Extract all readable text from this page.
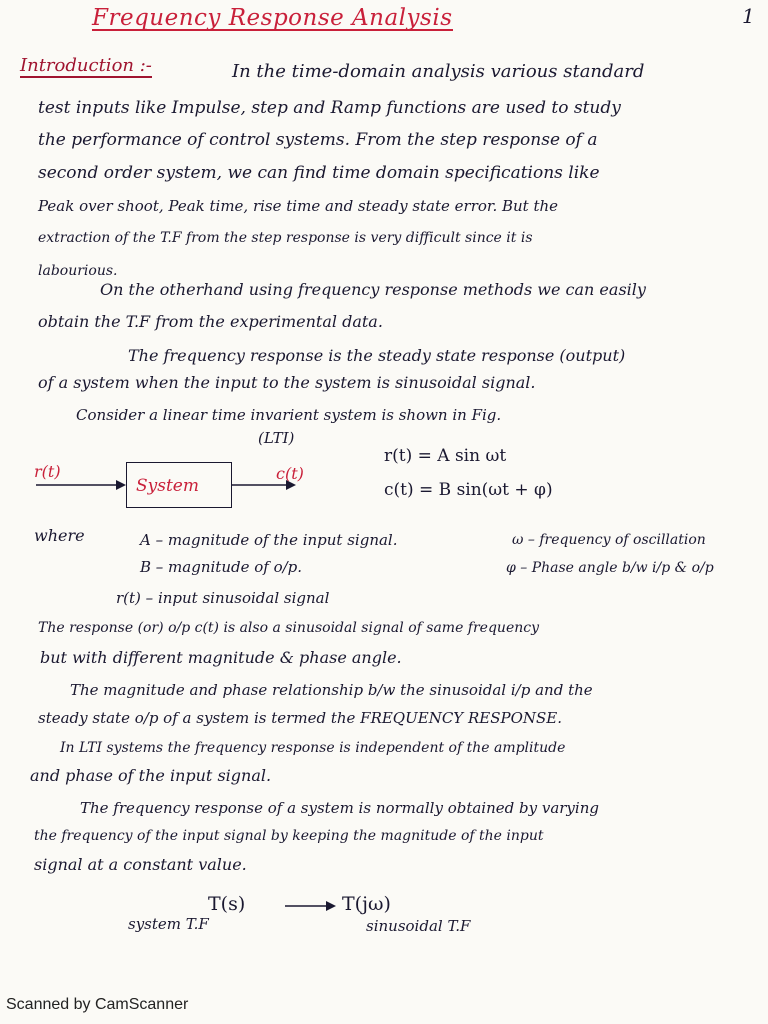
Frequency Response Analysis	1
Introduction :-	In the time-domain analysis various standard
test inputs like Impulse, step and Ramp functions are used to study
the performance of control systems. From the step response of a
second order system, we can find time domain specifications like
Peak over shoot, Peak time, rise time and steady state error. But the
extraction of the T.F from the step response is very difficult since it is
labourious.
On the otherhand using frequency response methods we can easily
obtain the T.F from the experimental data.
The frequency response is the steady state response (output)
of a system when the input to the system is sinusoidal signal.
Consider a linear time invarient system is shown in Fig.
(LTI)
r(t)
System
c(t)
r(t) = A sin ωt
c(t) = B sin(ωt + φ)
where	A – magnitude of the input signal.
B – magnitude of o/p.
r(t) – input sinusoidal signal
ω – frequency of oscillation
φ – Phase angle b/w i/p & o/p
The response (or) o/p c(t) is also a sinusoidal signal of same frequency
but with different magnitude & phase angle.
The magnitude and phase relationship b/w the sinusoidal i/p and the
steady state o/p of a system is termed the FREQUENCY RESPONSE.
In LTI systems the frequency response is independent of the amplitude
and phase of the input signal.
The frequency response of a system is normally obtained by varying
the frequency of the input signal by keeping the magnitude of the input
signal at a constant value.
T(s)	T(jω)
system T.F	sinusoidal T.F
Scanned by CamScanner
